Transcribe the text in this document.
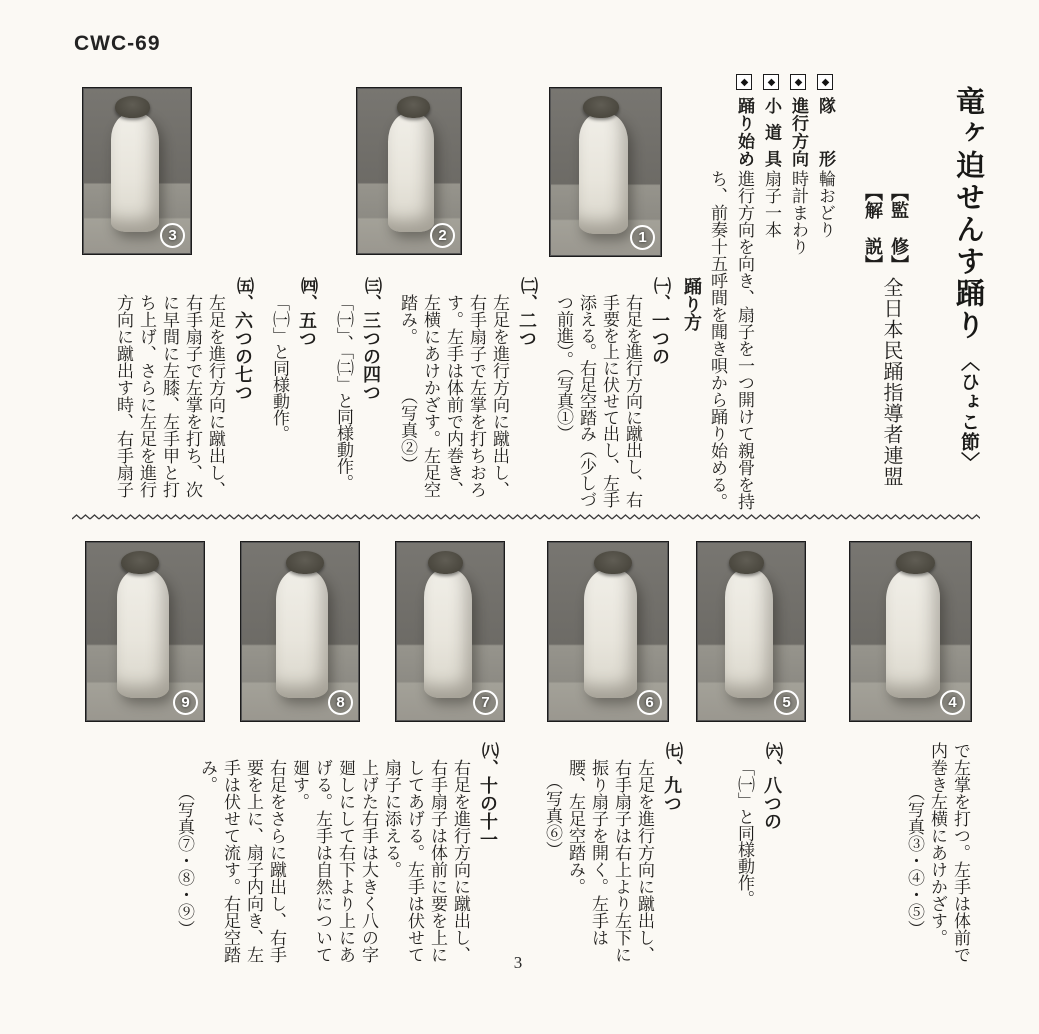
CWC-69
3	2	1	竜ヶ迫せんす踊り〈ひょこ節〉
【監　修】
【解　説】
全日本民踊指導者連盟
◆隊形
輪おどり
◆進行方向
時計まわり
◆小道具
扇子一本
◆踊り始め
進行方向を向き、扇子を一つ開けて親骨を持ち、前奏十五呼間を聞き唄から踊り始める。
踊り方
㈠、一つの

右足を進行方向に蹴出し、右手要を上に伏せて出し、左手添える。右足空踏み（少しづつ前進）。（写真①）

㈡、二つ

左足を進行方向に蹴出し、右手扇子で左掌を打ちおろす。左手は体前で内巻き、左横にあけかざす。左足空踏み。（写真②）

㈢、三つの四つ

「㈠」、「㈡」と同様動作。

㈣、五つ

「㈠」と同様動作。

㈤、六つの七つ

左足を進行方向に蹴出し、右手扇子で左掌を打ち、次に早間に左膝、左手甲と打ち上げ、さらに左足を進行方向に蹴出す時、右手扇子

9	8	7	6	5	4

で左掌を打つ。左手は体前で内巻き左横にあけかざす。

（写真③・④・⑤）
㈥、八つの

「㈠」と同様動作。

㈦、九つ

左足を進行方向に蹴出し、右手扇子は右上より左下に振り扇子を開く。左手は腰、左足空踏み。（写真⑥）

㈧、十の十一

右足を進行方向に蹴出し、右手扇子は体前に要を上にしてあげる。左手は伏せて扇子に添える。

上げた右手は大きく八の字廻しにして右下より上にあげる。左手は自然について廻す。

右足をさらに蹴出し、右手要を上に、扇子内向き、左手は伏せて流す。右足空踏み。

（写真⑦・⑧・⑨）
3
